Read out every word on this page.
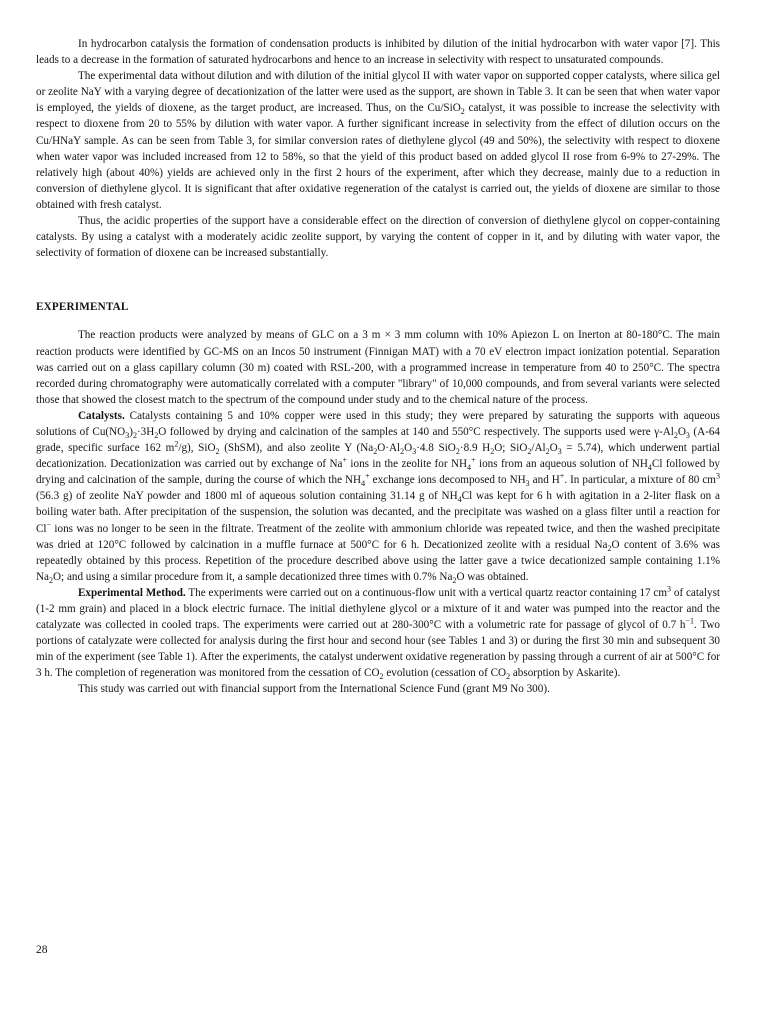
In hydrocarbon catalysis the formation of condensation products is inhibited by dilution of the initial hydrocarbon with water vapor [7]. This leads to a decrease in the formation of saturated hydrocarbons and hence to an increase in selectivity with respect to unsaturated compounds.

The experimental data without dilution and with dilution of the initial glycol II with water vapor on supported copper catalysts, where silica gel or zeolite NaY with a varying degree of decationization of the latter were used as the support, are shown in Table 3. It can be seen that when water vapor is employed, the yields of dioxene, as the target product, are increased. Thus, on the Cu/SiO$_2$ catalyst, it was possible to increase the selectivity with respect to dioxene from 20 to 55% by dilution with water vapor. A further significant increase in selectivity from the effect of dilution occurs on the Cu/HNaY sample. As can be seen from Table 3, for similar conversion rates of diethylene glycol (49 and 50%), the selectivity with respect to dioxene when water vapor was included increased from 12 to 58%, so that the yield of this product based on added glycol II rose from 6-9% to 27-29%. The relatively high (about 40%) yields are achieved only in the first 2 hours of the experiment, after which they decrease, mainly due to a reduction in conversion of diethylene glycol. It is significant that after oxidative regeneration of the catalyst is carried out, the yields of dioxene are similar to those obtained with fresh catalyst.

Thus, the acidic properties of the support have a considerable effect on the direction of conversion of diethylene glycol on copper-containing catalysts. By using a catalyst with a moderately acidic zeolite support, by varying the content of copper in it, and by diluting with water vapor, the selectivity of formation of dioxene can be increased substantially.

EXPERIMENTAL

The reaction products were analyzed by means of GLC on a 3 m × 3 mm column with 10% Apiezon L on Inerton at 80-180°C. The main reaction products were identified by GC-MS on an Incos 50 instrument (Finnigan MAT) with a 70 eV electron impact ionization potential. Separation was carried out on a glass capillary column (30 m) coated with RSL-200, with a programmed increase in temperature from 40 to 250°C. The spectra recorded during chromatography were automatically correlated with a computer "library" of 10,000 compounds, and from several variants were selected those that showed the closest match to the spectrum of the compound under study and to the chemical nature of the process.

Catalysts. Catalysts containing 5 and 10% copper were used in this study; they were prepared by saturating the supports with aqueous solutions of $Cu(NO_3)_2\cdot 3H_2O$ followed by drying and calcination of the samples at 140 and 550°C respectively. The supports used were $\gamma-Al_2O_3$ (A-64 grade, specific surface 162 $m^2/g$), SiO$_2$ (ShSM), and also zeolite Y ($Na_2O\cdot Al_2O_3\cdot 4.8$ SiO$_2$·8.9 $H_2O$; $SiO_2/Al_2O_3 = 5.74$), which underwent partial decationization. Decationization was carried out by exchange of Na+ ions in the zeolite for $NH_4^+$ ions from an aqueous solution of $NH_4Cl$ followed by drying and calcination of the sample, during the course of which the $NH_4^+$ exchange ions decomposed to $NH_3$ and H+. In particular, a mixture of 80 $cm^3$ (56.3 g) of zeolite NaY powder and 1800 ml of aqueous solution containing 31.14 g of $NH_4Cl$ was kept for 6 h with agitation in a 2-liter flask on a boiling water bath. After precipitation of the suspension, the solution was decanted, and the precipitate was washed on a glass filter until a reaction for Cl− ions was no longer to be seen in the filtrate. Treatment of the zeolite with ammonium chloride was repeated twice, and then the washed precipitate was dried at 120°C followed by calcination in a muffle furnace at 500°C for 6 h. Decationized zeolite with a residual $Na_2O$ content of 3.6% was repeatedly obtained by this process. Repetition of the procedure described above using the latter gave a twice decationized sample containing 1.1% $Na_2O$; and using a similar procedure from it, a sample decationized three times with 0.7% $Na_2O$ was obtained.

Experimental Method. The experiments were carried out on a continuous-flow unit with a vertical quartz reactor containing 17 $cm^3$ of catalyst (1-2 mm grain) and placed in a block electric furnace. The initial diethylene glycol or a mixture of it and water was pumped into the reactor and the catalyzate was collected in cooled traps. The experiments were carried out at 280-300°C with a volumetric rate for passage of glycol of 0.7 $h^{-1}$. Two portions of catalyzate were collected for analysis during the first hour and second hour (see Tables 1 and 3) or during the first 30 min and subsequent 30 min of the experiment (see Table 1). After the experiments, the catalyst underwent oxidative regeneration by passing through a current of air at 500°C for 3 h. The completion of regeneration was monitored from the cessation of $CO_2$ evolution (cessation of $CO_2$ absorption by Askarite).

This study was carried out with financial support from the International Science Fund (grant M9 No 300).

28
